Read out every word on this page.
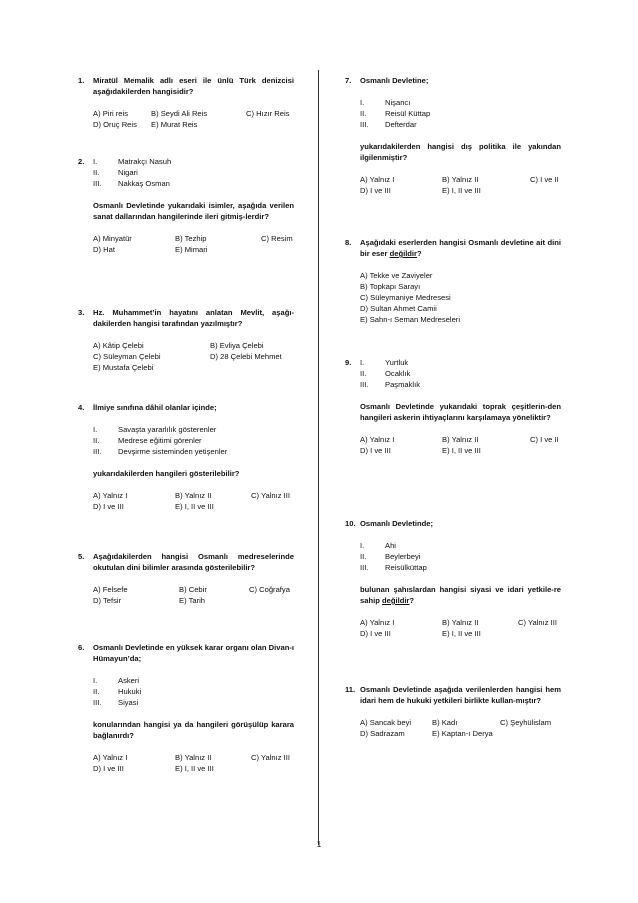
1. Miratül Memalik adlı eseri ile ünlü Türk denizcisi aşağıdakilerden hangisidir?
A) Piri reis	B) Seydi Ali Reis	C) Hızır Reis
D) Oruç Reis E) Murat Reis
2. I.	Matrakçı Nasuh
II.	Nigari
III.	Nakkaş Osman
Osmanlı Devletinde yukarıdaki isimler, aşağıda verilen sanat dallarından hangilerinde ileri gitmiş-lerdir?
A) Minyatür	B) Tezhip	C) Resim
D) Hat	E) Mimari
3. Hz. Muhammet’in hayatını anlatan Mevlit, aşağı-dakilerden hangisi tarafından yazılmıştır?
A) Kâtip Çelebi	B) Evliya Çelebi
C) Süleyman Çelebi	D) 28 Çelebi Mehmet
E) Mustafa Çelebi
4. İlmiye sınıfına dâhil olanlar içinde;
I.	Savaşta yararlılık gösterenler
II.	Medrese eğitimi görenler
III.	Devşirme sisteminden yetişenler
yukarıdakilerden hangileri gösterilebilir?
A) Yalnız I	B) Yalnız II	C) Yalnız III
D) I ve III	E) I, II ve III
5. Aşağıdakilerden hangisi Osmanlı medreselerinde okutulan dini bilimler arasında gösterilebilir?
A) Felsefe	B) Cebir	C) Coğrafya
D) Tefsir	E) Tarih
6. Osmanlı Devletinde en yüksek karar organı olan Divan-ı Hümayun’da;
I.	Askeri
II.	Hukuki
III.	Siyasi
konularından hangisi ya da hangileri görüşülüp karara bağlanırdı?
A) Yalnız I	B) Yalnız II	C) Yalnız III
D) I ve III	E) I, II ve III
7. Osmanlı Devletine;
I.	Nişancı
II.	Reisül Küttap
III.	Defterdar
yukarıdakilerden hangisi dış politika ile yakından ilgilenmiştir?
A) Yalnız I	B) Yalnız II	C) I ve II
D) I ve III	E) I, II ve III
8. Aşağıdaki eserlerden hangisi Osmanlı devletine ait dini bir eser değildir?
A) Tekke ve Zaviyeler
B) Topkapı Sarayı
C) Süleymaniye Medresesi
D) Sultan Ahmet Camii
E) Sahn-ı Seman Medreseleri
9. I.	Yurtluk
II.	Ocaklık
III.	Paşmaklık
Osmanlı Devletinde yukarıdaki toprak çeşitlerin-den hangileri askerin ihtiyaçlarını karşılamaya yöneliktir?
A) Yalnız I	B) Yalnız II	C) I ve II
D) I ve III	E) I, II ve III
10. Osmanlı Devletinde;
I.	Ahi
II.	Beylerbeyi
III.	Reisülküttap
bulunan şahıslardan hangisi siyasi ve idari yetkile-re sahip değildir?
A) Yalnız I	B) Yalnız II	C) Yalnız III
D) I ve III	E) I, II ve III
11. Osmanlı Devletinde aşağıda verilenlerden hangisi hem idari hem de hukuki yetkileri birlikte kullan-mıştır?
A) Sancak beyi	B) Kadı	C) Şeyhülislam
D) Sadrazam	E) Kaptan-ı Derya
1
